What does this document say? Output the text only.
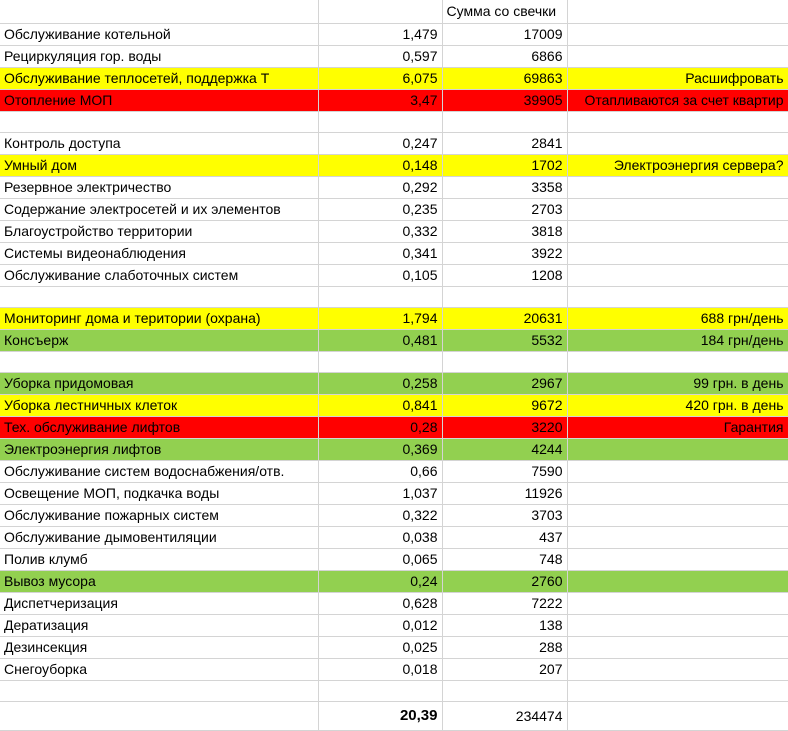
		Сумма со свечки	
Обслуживание котельной	1,479	17009	
Рециркуляция гор. воды	0,597	6866	
Обслуживание теплосетей, поддержка Т	6,075	69863	Расшифровать
Отопление МОП	3,47	39905	Отапливаются за счет квартир

Контроль доступа	0,247	2841	
Умный дом	0,148	1702	Электроэнергия сервера?
Резервное электричество	0,292	3358	
Содержание электросетей и их элементов	0,235	2703	
Благоустройство территории	0,332	3818	
Системы видеонаблюдения	0,341	3922	
Обслуживание слаботочных систем	0,105	1208	

Мониторинг дома и територии (охрана)	1,794	20631	688 грн/день
Консъерж	0,481	5532	184 грн/день

Уборка придомовая	0,258	2967	99 грн. в день
Уборка лестничных клеток	0,841	9672	420 грн. в день
Тех. обслуживание лифтов	0,28	3220	Гарантия
Электроэнергия лифтов	0,369	4244	
Обслуживание систем водоснабжения/отв.	0,66	7590	
Освещение МОП, подкачка воды	1,037	11926	
Обслуживание пожарных систем	0,322	3703	
Обслуживание дымовентиляции	0,038	437	
Полив клумб	0,065	748	
Вывоз мусора	0,24	2760	
Диспетчеризация	0,628	7222	
Дератизация	0,012	138	
Дезинсекция	0,025	288	
Снегоуборка	0,018	207	

	20,39	234474	
